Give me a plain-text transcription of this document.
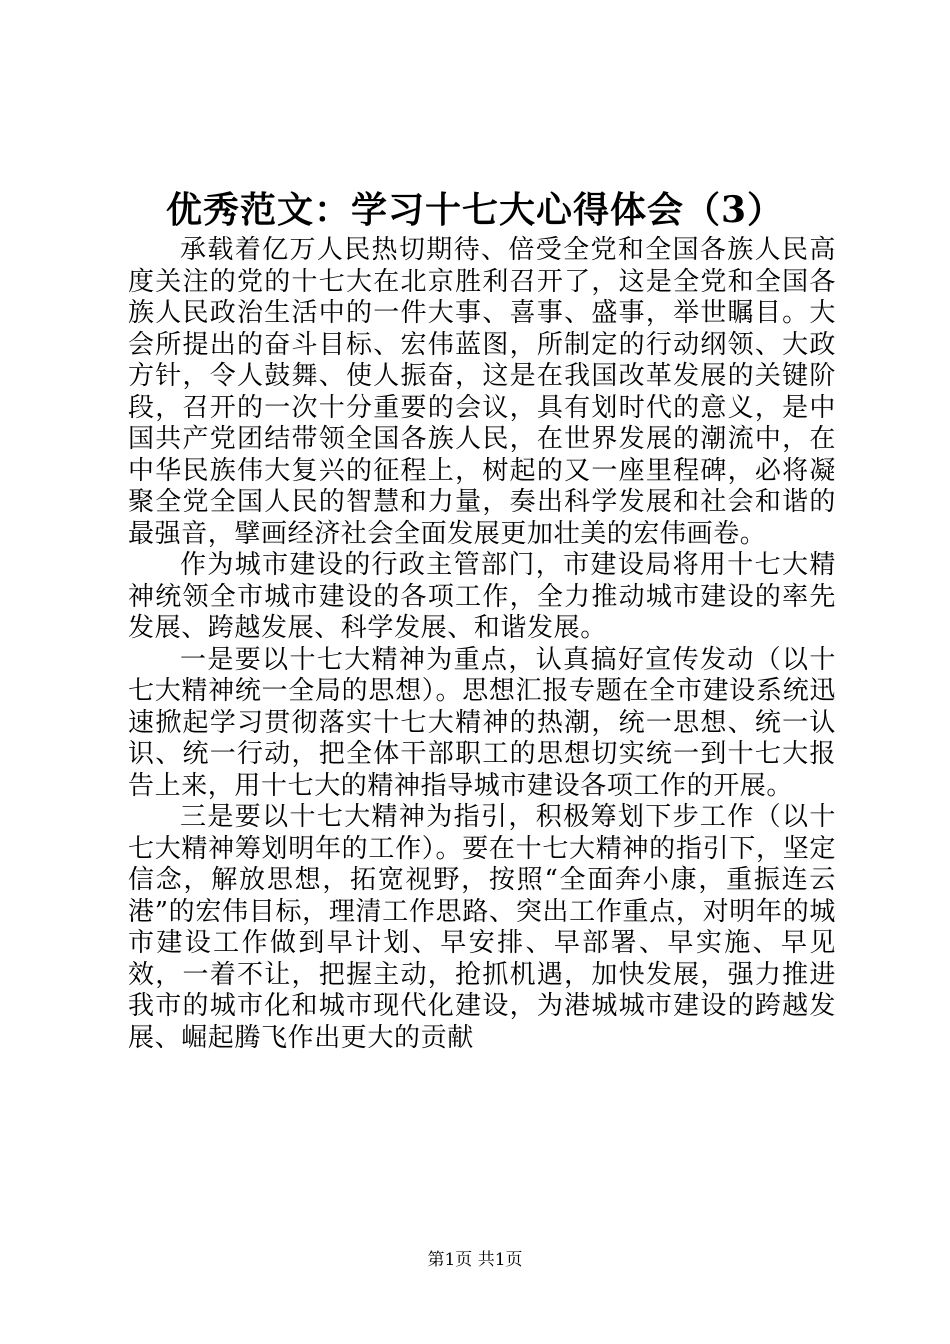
优秀范文：学习十七大心得体会（3）

承载着亿万人民热切期待、倍受全党和全国各族人民高度关注的党的十七大在北京胜利召开了，这是全党和全国各族人民政治生活中的一件大事、喜事、盛事，举世瞩目。大会所提出的奋斗目标、宏伟蓝图，所制定的行动纲领、大政方针，令人鼓舞、使人振奋，这是在我国改革发展的关键阶段，召开的一次十分重要的会议，具有划时代的意义，是中国共产党团结带领全国各族人民，在世界发展的潮流中，在中华民族伟大复兴的征程上，树起的又一座里程碑，必将凝聚全党全国人民的智慧和力量，奏出科学发展和社会和谐的最强音，擘画经济社会全面发展更加壮美的宏伟画卷。

作为城市建设的行政主管部门，市建设局将用十七大精神统领全市城市建设的各项工作，全力推动城市建设的率先发展、跨越发展、科学发展、和谐发展。

一是要以十七大精神为重点，认真搞好宣传发动（以十七大精神统一全局的思想）。思想汇报专题在全市建设系统迅速掀起学习贯彻落实十七大精神的热潮，统一思想、统一认识、统一行动，把全体干部职工的思想切实统一到十七大报告上来，用十七大的精神指导城市建设各项工作的开展。

三是要以十七大精神为指引，积极筹划下步工作（以十七大精神筹划明年的工作）。要在十七大精神的指引下，坚定信念，解放思想，拓宽视野，按照“全面奔小康，重振连云港”的宏伟目标，理清工作思路、突出工作重点，对明年的城市建设工作做到早计划、早安排、早部署、早实施、早见效，一着不让，把握主动，抢抓机遇，加快发展，强力推进我市的城市化和城市现代化建设，为港城城市建设的跨越发展、崛起腾飞作出更大的贡献

第1页 共1页
